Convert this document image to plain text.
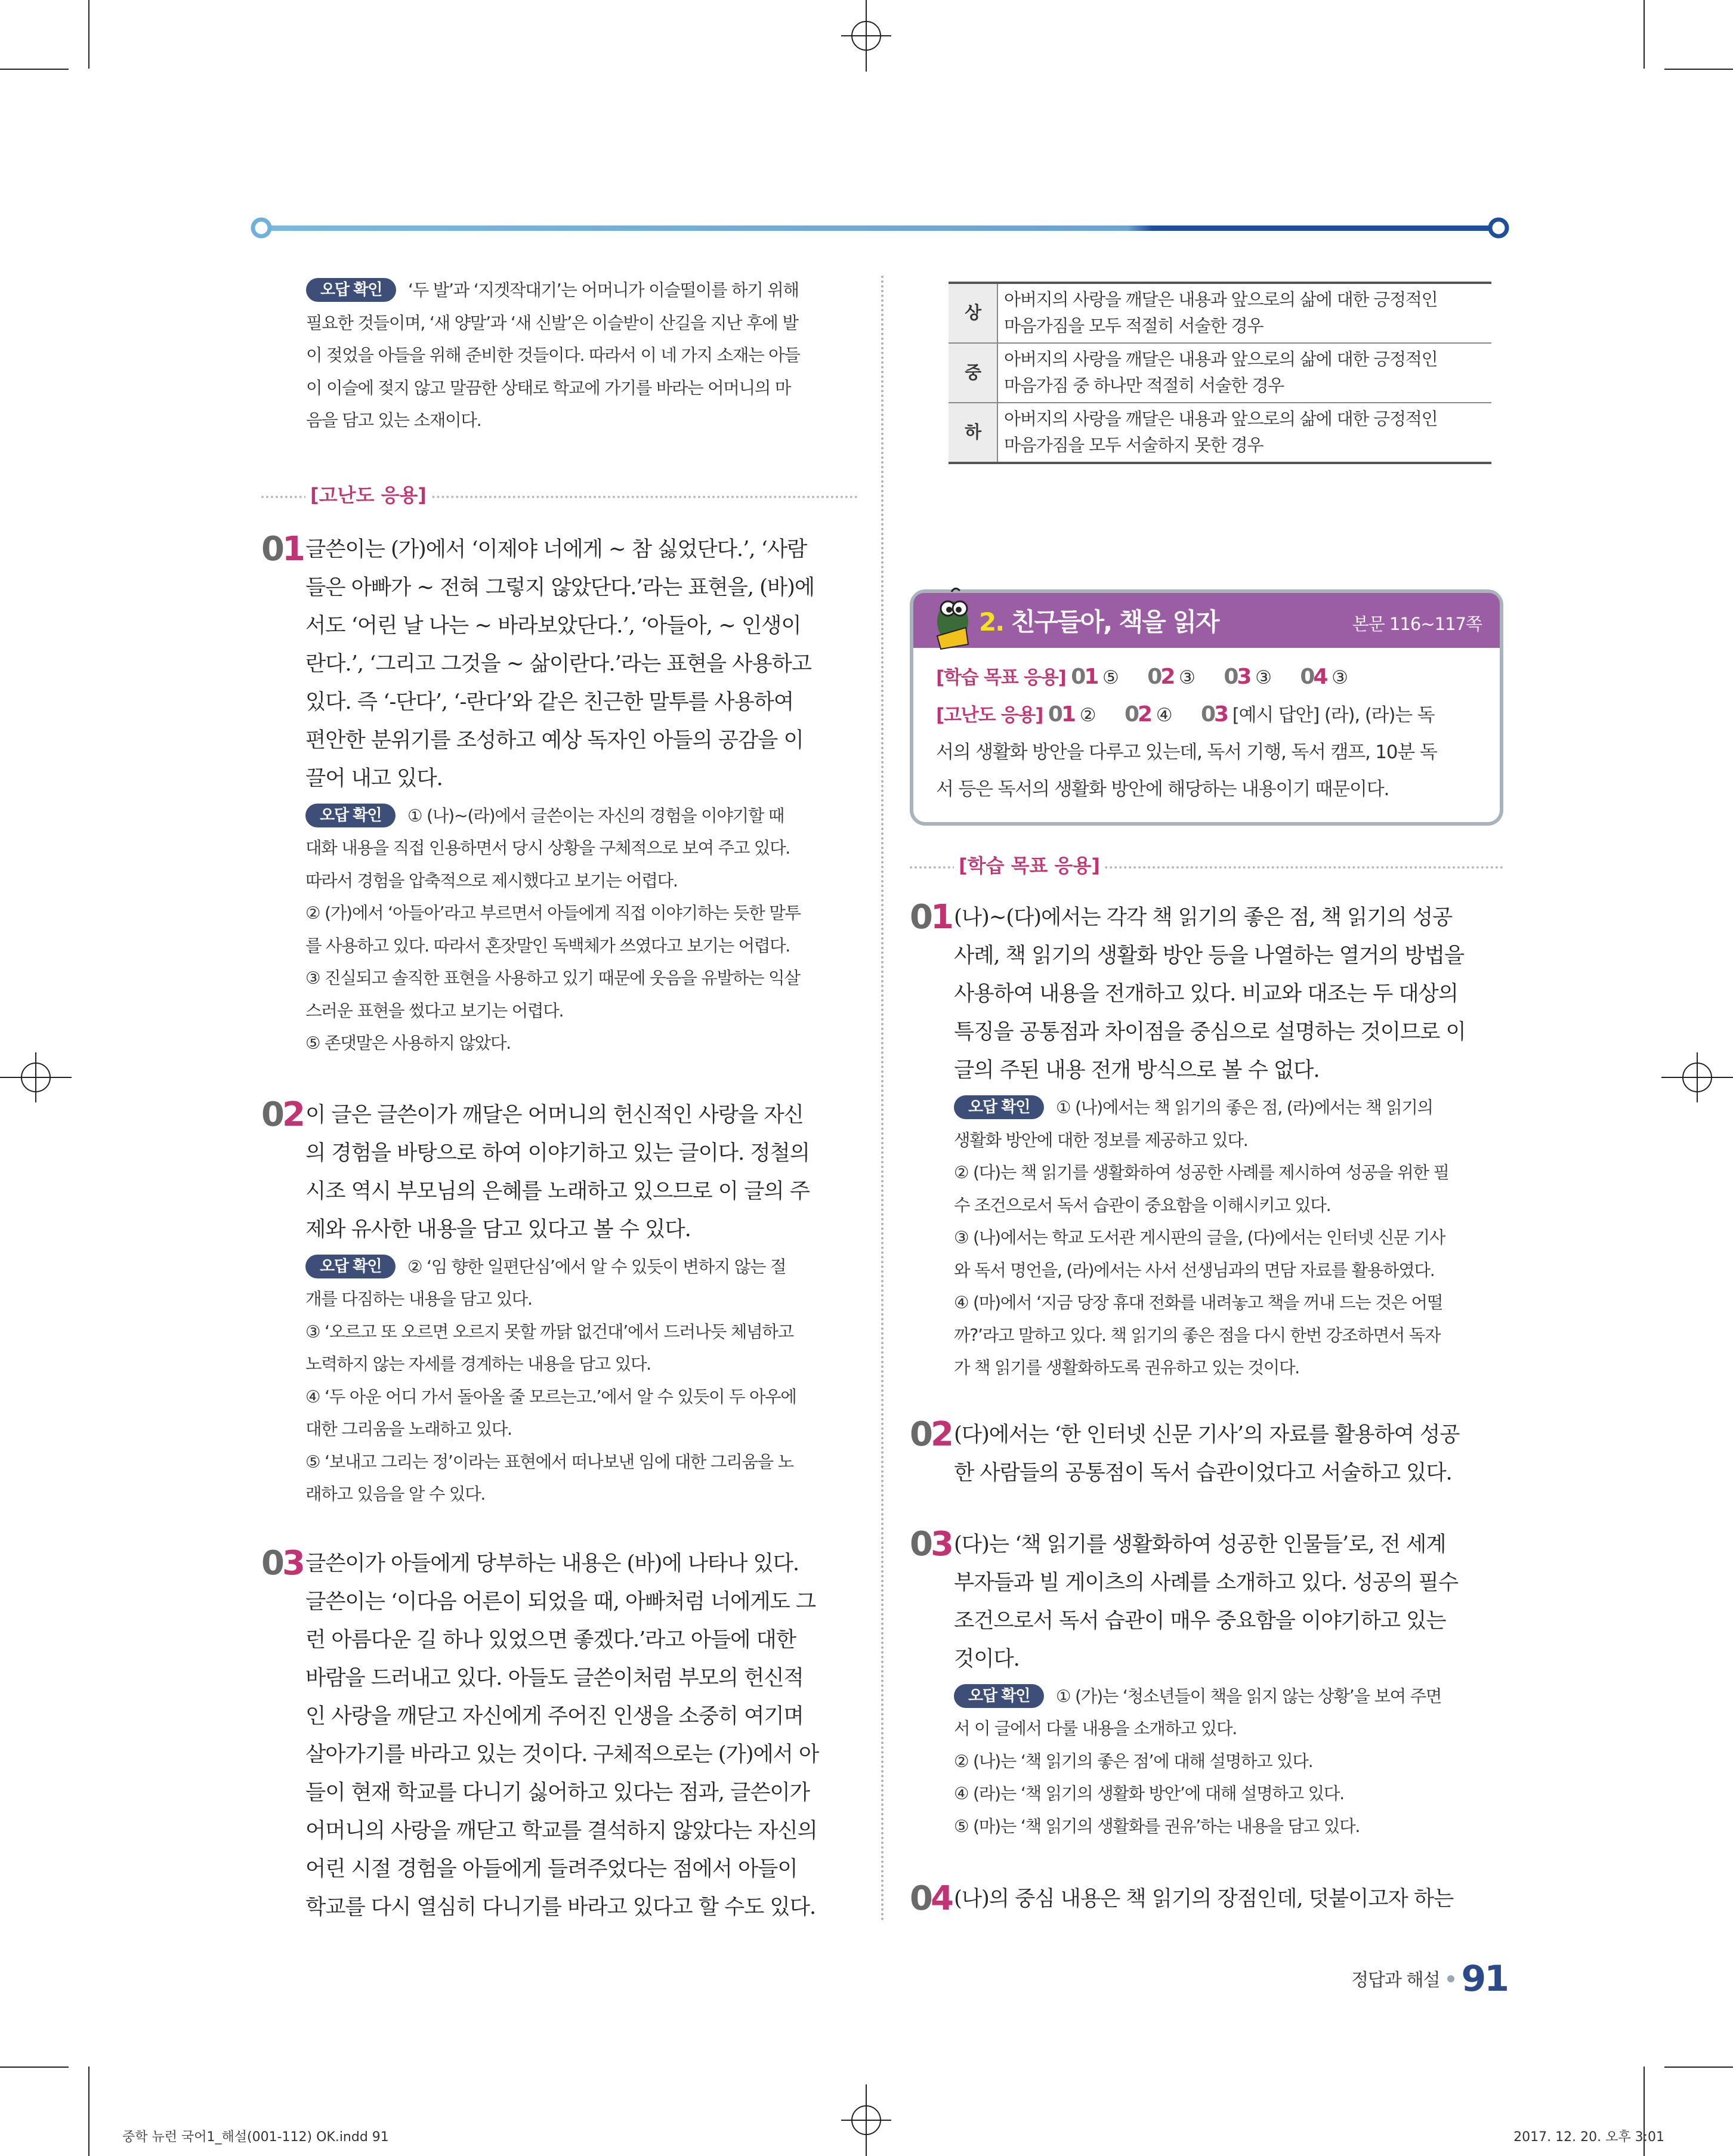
오답 확인 ‘두 발’과 ‘지겟작대기’는 어머니가 이슬떨이를 하기 위해

필요한 것들이며, ‘새 양말’과 ‘새 신발’은 이슬받이 산길을 지난 후에 발

이 젖었을 아들을 위해 준비한 것들이다. 따라서 이 네 가지 소재는 아들

이 이슬에 젖지 않고 말끔한 상태로 학교에 가기를 바라는 어머니의 마

음을 담고 있는 소재이다.

[고난도 응용]
01 글쓴이는 (가)에서 ‘이제야 너에게 ~ 참 싫었단다.’, ‘사람

들은 아빠가 ~ 전혀 그렇지 않았단다.’라는 표현을, (바)에

서도 ‘어린 날 나는 ~ 바라보았단다.’, ‘아들아, ~ 인생이

란다.’, ‘그리고 그것을 ~ 삶이란다.’라는 표현을 사용하고

있다. 즉 ‘-단다’, ‘-란다’와 같은 친근한 말투를 사용하여

편안한 분위기를 조성하고 예상 독자인 아들의 공감을 이

끌어 내고 있다.

오답 확인 ① (나)~(라)에서 글쓴이는 자신의 경험을 이야기할 때

대화 내용을 직접 인용하면서 당시 상황을 구체적으로 보여 주고 있다.

따라서 경험을 압축적으로 제시했다고 보기는 어렵다.

② (가)에서 ‘아들아’라고 부르면서 아들에게 직접 이야기하는 듯한 말투

를 사용하고 있다. 따라서 혼잣말인 독백체가 쓰였다고 보기는 어렵다.

③ 진실되고 솔직한 표현을 사용하고 있기 때문에 웃음을 유발하는 익살

스러운 표현을 썼다고 보기는 어렵다.

⑤ 존댓말은 사용하지 않았다.

02 이 글은 글쓴이가 깨달은 어머니의 헌신적인 사랑을 자신

의 경험을 바탕으로 하여 이야기하고 있는 글이다. 정철의

시조 역시 부모님의 은혜를 노래하고 있으므로 이 글의 주

제와 유사한 내용을 담고 있다고 볼 수 있다.

오답 확인 ② ‘임 향한 일편단심’에서 알 수 있듯이 변하지 않는 절

개를 다짐하는 내용을 담고 있다.

③ ‘오르고 또 오르면 오르지 못할 까닭 없건대’에서 드러나듯 체념하고

노력하지 않는 자세를 경계하는 내용을 담고 있다.

④ ‘두 아운 어디 가서 돌아올 줄 모르는고.’에서 알 수 있듯이 두 아우에

대한 그리움을 노래하고 있다.

⑤ ‘보내고 그리는 정’이라는 표현에서 떠나보낸 임에 대한 그리움을 노

래하고 있음을 알 수 있다.

03 글쓴이가 아들에게 당부하는 내용은 (바)에 나타나 있다.

글쓴이는 ‘이다음 어른이 되었을 때, 아빠처럼 너에게도 그

런 아름다운 길 하나 있었으면 좋겠다.’라고 아들에 대한

바람을 드러내고 있다. 아들도 글쓴이처럼 부모의 헌신적

인 사랑을 깨닫고 자신에게 주어진 인생을 소중히 여기며

살아가기를 바라고 있는 것이다. 구체적으로는 (가)에서 아

들이 현재 학교를 다니기 싫어하고 있다는 점과, 글쓴이가

어머니의 사랑을 깨닫고 학교를 결석하지 않았다는 자신의

어린 시절 경험을 아들에게 들려주었다는 점에서 아들이

학교를 다시 열심히 다니기를 바라고 있다고 할 수도 있다.

상	아버지의 사랑을 깨달은 내용과 앞으로의 삶에 대한 긍정적인
마음가짐을 모두 적절히 서술한 경우

중	아버지의 사랑을 깨달은 내용과 앞으로의 삶에 대한 긍정적인
마음가짐 중 하나만 적절히 서술한 경우

하	아버지의 사랑을 깨달은 내용과 앞으로의 삶에 대한 긍정적인
마음가짐을 모두 서술하지 못한 경우
2. 친구들아, 책을 읽자	본문 116~117쪽
[학습 목표 응용] 01 ⑤ 02 ③ 03 ③ 04 ③
[고난도 응용] 01 ② 02 ④ 03 [예시 답안] (라), (라)는 독
서의 생활화 방안을 다루고 있는데, 독서 기행, 독서 캠프, 10분 독
서 등은 독서의 생활화 방안에 해당하는 내용이기 때문이다.
[학습 목표 응용]
01 (나)~(다)에서는 각각 책 읽기의 좋은 점, 책 읽기의 성공

사례, 책 읽기의 생활화 방안 등을 나열하는 열거의 방법을

사용하여 내용을 전개하고 있다. 비교와 대조는 두 대상의

특징을 공통점과 차이점을 중심으로 설명하는 것이므로 이

글의 주된 내용 전개 방식으로 볼 수 없다.

오답 확인 ① (나)에서는 책 읽기의 좋은 점, (라)에서는 책 읽기의

생활화 방안에 대한 정보를 제공하고 있다.

② (다)는 책 읽기를 생활화하여 성공한 사례를 제시하여 성공을 위한 필

수 조건으로서 독서 습관이 중요함을 이해시키고 있다.

③ (나)에서는 학교 도서관 게시판의 글을, (다)에서는 인터넷 신문 기사

와 독서 명언을, (라)에서는 사서 선생님과의 면담 자료를 활용하였다.

④ (마)에서 ‘지금 당장 휴대 전화를 내려놓고 책을 꺼내 드는 것은 어떨

까?’라고 말하고 있다. 책 읽기의 좋은 점을 다시 한번 강조하면서 독자

가 책 읽기를 생활화하도록 권유하고 있는 것이다.

02 (다)에서는 ‘한 인터넷 신문 기사’의 자료를 활용하여 성공

한 사람들의 공통점이 독서 습관이었다고 서술하고 있다.

03 (다)는 ‘책 읽기를 생활화하여 성공한 인물들’로, 전 세계

부자들과 빌 게이츠의 사례를 소개하고 있다. 성공의 필수

조건으로서 독서 습관이 매우 중요함을 이야기하고 있는

것이다.

오답 확인 ① (가)는 ‘청소년들이 책을 읽지 않는 상황’을 보여 주면

서 이 글에서 다룰 내용을 소개하고 있다.

② (나)는 ‘책 읽기의 좋은 점’에 대해 설명하고 있다.

④ (라)는 ‘책 읽기의 생활화 방안’에 대해 설명하고 있다.

⑤ (마)는 ‘책 읽기의 생활화를 권유’하는 내용을 담고 있다.

04 (나)의 중심 내용은 책 읽기의 장점인데, 덧붙이고자 하는

정답과 해설 91
중학 뉴런 국어1_해설(001-112) OK.indd 91	2017. 12. 20. 오후 3:01
